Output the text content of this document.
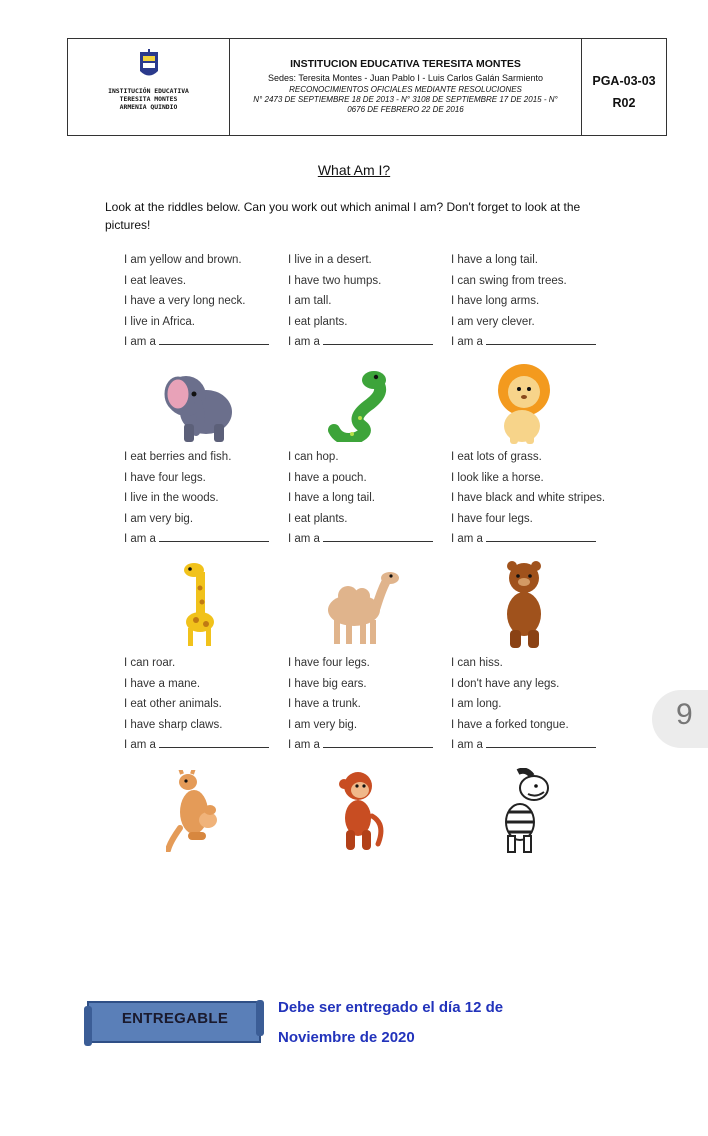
INSTITUCIÓN EDUCATIVA
TERESITA MONTES
ARMENIA QUINDIO
INSTITUCION EDUCATIVA TERESITA MONTES
Sedes: Teresita Montes - Juan Pablo I - Luis Carlos Galán Sarmiento
RECONOCIMIENTOS OFICIALES MEDIANTE RESOLUCIONES
N° 2473 DE SEPTIEMBRE 18 DE 2013 - N° 3108 DE SEPTIEMBRE 17 DE 2015 - N°
0676 DE FEBRERO 22 DE 2016
PGA-03-03
R02
What Am I?
Look at the riddles below. Can you work out which animal I am? Don't forget to look at the pictures!
I am yellow and brown.
I eat leaves.
I have a very long neck.
I live in Africa.
I am a
I live in a desert.
I have two humps.
I am tall.
I eat plants.
I am a
I have a long tail.
I can swing from trees.
I have long arms.
I am very clever.
I am a
I eat berries and fish.
I have four legs.
I live in the woods.
I am very big.
I am a
I can hop.
I have a pouch.
I have a long tail.
I eat plants.
I am a
I eat lots of grass.
I look like a horse.
I have black and white stripes.
I have four legs.
I am a
I can roar.
I have a mane.
I eat other animals.
I have sharp claws.
I am a
I have four legs.
I have big ears.
I have a trunk.
I am very big.
I am a
I can hiss.
I don't have any legs.
I am long.
I have a forked tongue.
I am a
9
ENTREGABLE
Debe ser entregado el día 12 de
Noviembre de 2020
